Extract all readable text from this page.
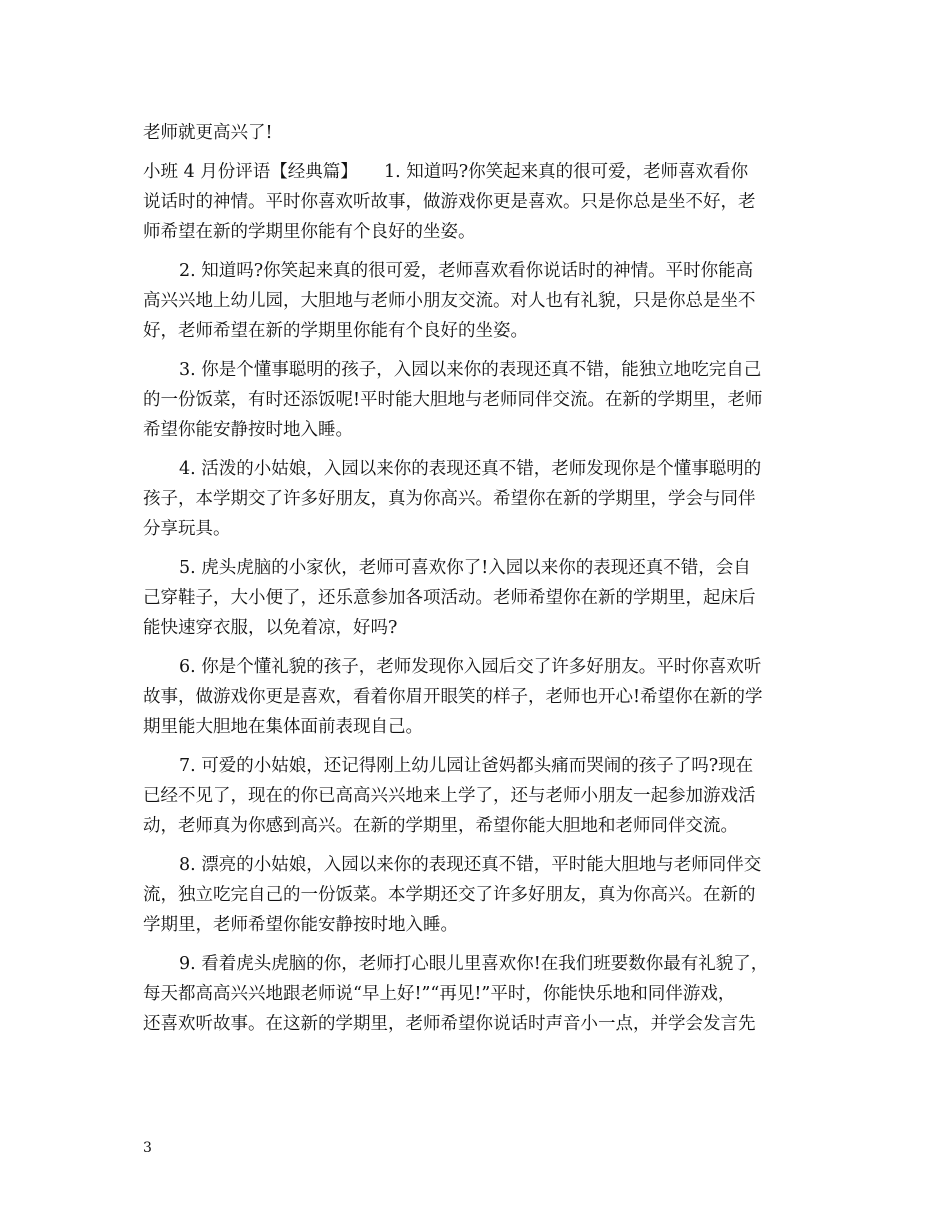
老师就更高兴了!
小班 4 月份评语【经典篇】　　1. 知道吗?你笑起来真的很可爱，老师喜欢看你
说话时的神情。平时你喜欢听故事，做游戏你更是喜欢。只是你总是坐不好，老
师希望在新的学期里你能有个良好的坐姿。
2. 知道吗?你笑起来真的很可爱，老师喜欢看你说话时的神情。平时你能高
高兴兴地上幼儿园，大胆地与老师小朋友交流。对人也有礼貌，只是你总是坐不
好，老师希望在新的学期里你能有个良好的坐姿。
3. 你是个懂事聪明的孩子，入园以来你的表现还真不错，能独立地吃完自己
的一份饭菜，有时还添饭呢!平时能大胆地与老师同伴交流。在新的学期里，老师
希望你能安静按时地入睡。
4. 活泼的小姑娘，入园以来你的表现还真不错，老师发现你是个懂事聪明的
孩子，本学期交了许多好朋友，真为你高兴。希望你在新的学期里，学会与同伴
分享玩具。
5. 虎头虎脑的小家伙，老师可喜欢你了!入园以来你的表现还真不错，会自
己穿鞋子，大小便了，还乐意参加各项活动。老师希望你在新的学期里，起床后
能快速穿衣服，以免着凉，好吗?
6. 你是个懂礼貌的孩子，老师发现你入园后交了许多好朋友。平时你喜欢听
故事，做游戏你更是喜欢，看着你眉开眼笑的样子，老师也开心!希望你在新的学
期里能大胆地在集体面前表现自己。
7. 可爱的小姑娘，还记得刚上幼儿园让爸妈都头痛而哭闹的孩子了吗?现在
已经不见了，现在的你已高高兴兴地来上学了，还与老师小朋友一起参加游戏活
动，老师真为你感到高兴。在新的学期里，希望你能大胆地和老师同伴交流。
8. 漂亮的小姑娘，入园以来你的表现还真不错，平时能大胆地与老师同伴交
流，独立吃完自己的一份饭菜。本学期还交了许多好朋友，真为你高兴。在新的
学期里，老师希望你能安静按时地入睡。
9. 看着虎头虎脑的你，老师打心眼儿里喜欢你!在我们班要数你最有礼貌了，
每天都高高兴兴地跟老师说“早上好!”“再见!”平时，你能快乐地和同伴游戏，
还喜欢听故事。在这新的学期里，老师希望你说话时声音小一点，并学会发言先
3
